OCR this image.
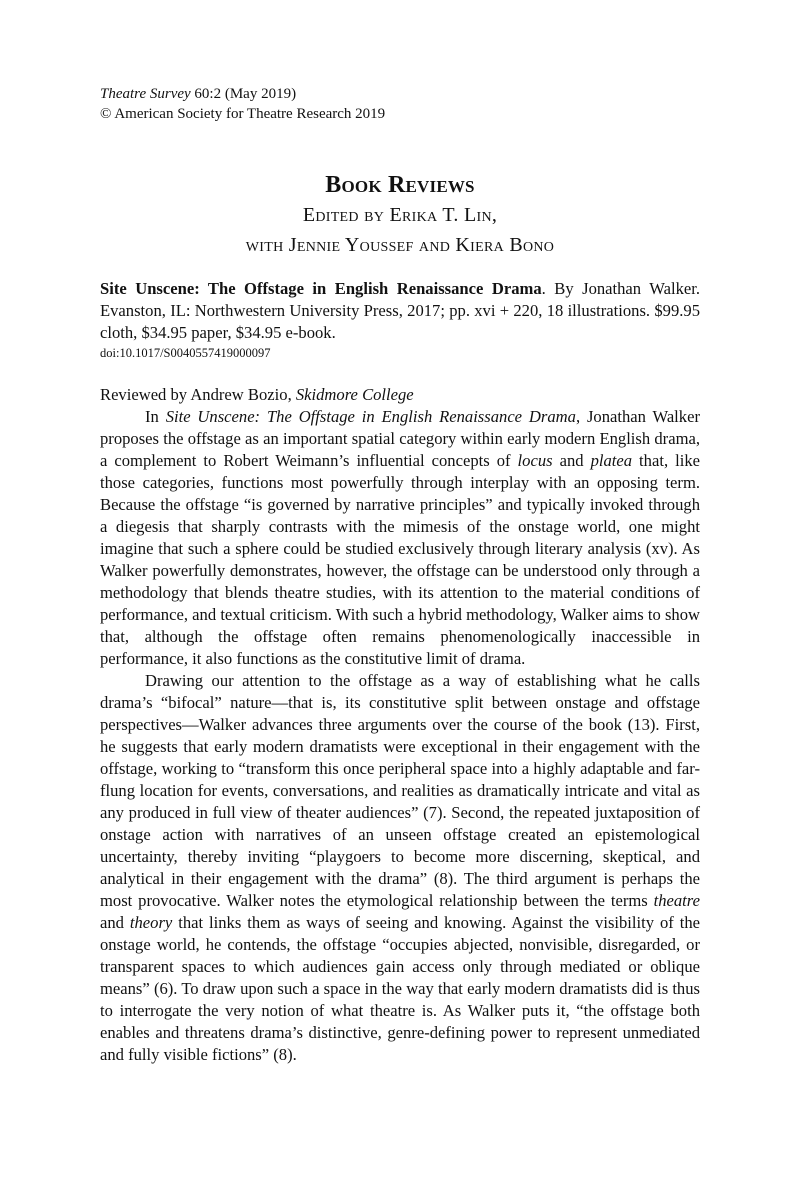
Theatre Survey 60:2 (May 2019)
© American Society for Theatre Research 2019
Book Reviews
Edited by Erika T. Lin,
with Jennie Youssef and Kiera Bono
Site Unscene: The Offstage in English Renaissance Drama. By Jonathan Walker. Evanston, IL: Northwestern University Press, 2017; pp. xvi + 220, 18 illustrations. $99.95 cloth, $34.95 paper, $34.95 e-book.
doi:10.1017/S0040557419000097
Reviewed by Andrew Bozio, Skidmore College

In Site Unscene: The Offstage in English Renaissance Drama, Jonathan Walker proposes the offstage as an important spatial category within early modern English drama, a complement to Robert Weimann’s influential concepts of locus and platea that, like those categories, functions most powerfully through interplay with an opposing term. Because the offstage “is governed by narrative principles” and typically invoked through a diegesis that sharply contrasts with the mimesis of the onstage world, one might imagine that such a sphere could be studied exclusively through literary analysis (xv). As Walker powerfully demonstrates, however, the offstage can be understood only through a methodology that blends theatre studies, with its attention to the material conditions of performance, and textual criticism. With such a hybrid methodology, Walker aims to show that, although the offstage often remains phenomenologically inaccessible in performance, it also functions as the constitutive limit of drama.

Drawing our attention to the offstage as a way of establishing what he calls drama’s “bifocal” nature—that is, its constitutive split between onstage and offstage perspectives—Walker advances three arguments over the course of the book (13). First, he suggests that early modern dramatists were exceptional in their engagement with the offstage, working to “transform this once peripheral space into a highly adaptable and far-flung location for events, conversations, and realities as dramatically intricate and vital as any produced in full view of theater audiences” (7). Second, the repeated juxtaposition of onstage action with narratives of an unseen offstage created an epistemological uncertainty, thereby inviting “playgoers to become more discerning, skeptical, and analytical in their engagement with the drama” (8). The third argument is perhaps the most provocative. Walker notes the etymological relationship between the terms theatre and theory that links them as ways of seeing and knowing. Against the visibility of the onstage world, he contends, the offstage “occupies abjected, nonvisible, disregarded, or transparent spaces to which audiences gain access only through mediated or oblique means” (6). To draw upon such a space in the way that early modern dramatists did is thus to interrogate the very notion of what theatre is. As Walker puts it, “the offstage both enables and threatens drama’s distinctive, genre-defining power to represent unmediated and fully visible fictions” (8).
